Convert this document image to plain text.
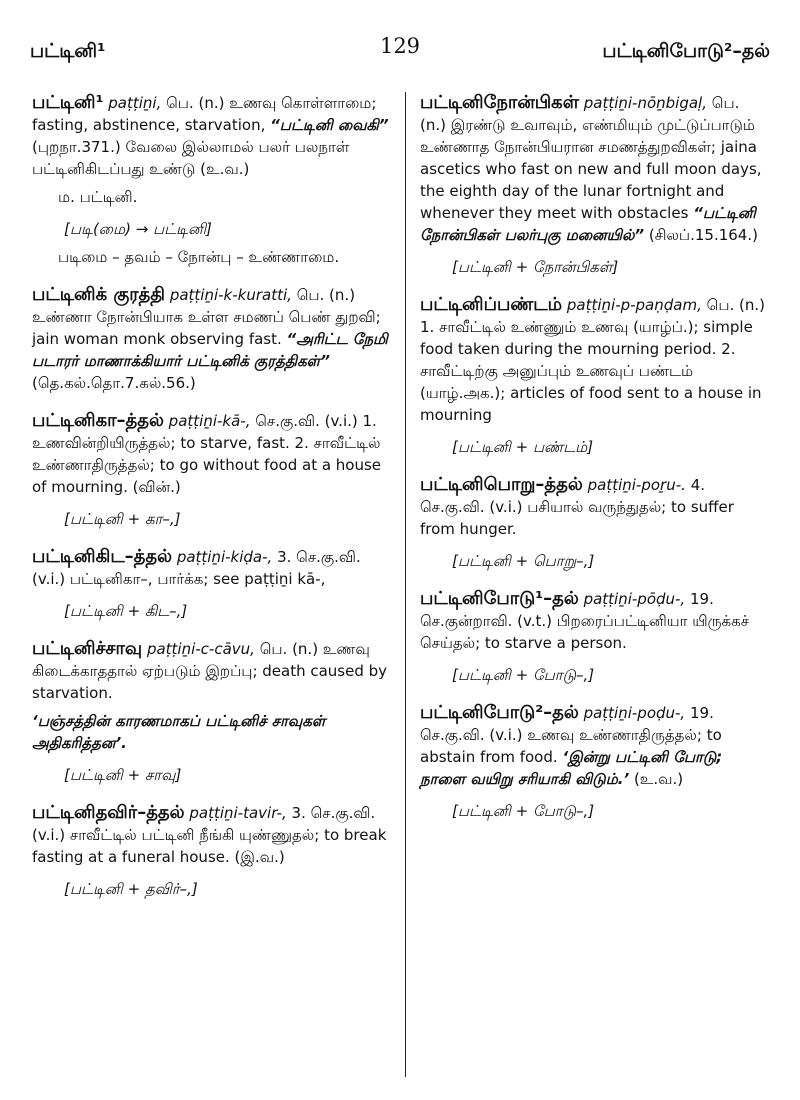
பட்டினி¹	129	பட்டினிபோடு²–தல்

பட்டினி¹ paṭṭiṉi, பெ. (n.) உணவு கொள்ளாமை; fasting, abstinence, starvation, “பட்டினி வைகி” (புறநா.371.) வேலை இல்லாமல் பலர் பலநாள் பட்டினிகிடப்பது உண்டு (உ.வ.)

ம. பட்டினி.
[படி(மை) → பட்டினி]
படிமை – தவம் – நோன்பு – உண்ணாமை.

பட்டினிக் குரத்தி paṭṭiṉi-k-kuratti, பெ. (n.) உண்ணா நோன்பியாக உள்ள சமணப் பெண் துறவி; jain woman monk observing fast. “அரிட்ட நேமி படாரர் மாணாக்கியார் பட்டினிக் குரத்திகள்” (தெ.கல்.தொ.7.கல்.56.)

பட்டினிகா–த்தல் paṭṭiṉi-kā-, செ.கு.வி. (v.i.) 1. உணவின்றியிருத்தல்; to starve, fast. 2. சாவீட்டில் உண்ணாதிருத்தல்; to go without food at a house of mourning. (வின்.)

[பட்டினி + கா–,]

பட்டினிகிட–த்தல் paṭṭiṉi-kiḍa-, 3. செ.கு.வி. (v.i.) பட்டினிகா–, பார்க்க; see paṭṭiṉi kā-,

[பட்டினி + கிட–,]

பட்டினிச்சாவு paṭṭiṉi-c-cāvu, பெ. (n.) உணவு கிடைக்காததால் ஏற்படும் இறப்பு; death caused by starvation.

‘பஞ்சத்தின் காரணமாகப் பட்டினிச் சாவுகள் அதிகரித்தன’.
[பட்டினி + சாவு]

பட்டினிதவிர்–த்தல் paṭṭiṉi-tavir-, 3. செ.கு.வி. (v.i.) சாவீட்டில் பட்டினி நீங்கி யுண்ணுதல்; to break fasting at a funeral house. (இ.வ.)

[பட்டினி + தவிர்–,]

பட்டினிநோன்பிகள் paṭṭiṉi-nōṉbigaḷ, பெ. (n.) இரண்டு உவாவும், எண்மியும் முட்டுப்பாடும் உண்ணாத நோன்பியரான சமணத்துறவிகள்; jaina ascetics who fast on new and full moon days, the eighth day of the lunar fortnight and whenever they meet with obstacles “பட்டினி நோன்பிகள் பலர்புகு மனையில்” (சிலப்.15.164.)

[பட்டினி + நோன்பிகள்]

பட்டினிப்பண்டம் paṭṭiṉi-p-paṇḍam, பெ. (n.) 1. சாவீட்டில் உண்ணும் உணவு (யாழ்ப்.); simple food taken during the mourning period. 2. சாவீட்டிற்கு அனுப்பும் உணவுப் பண்டம் (யாழ்.அக.); articles of food sent to a house in mourning

[பட்டினி + பண்டம்]

பட்டினிபொறு–த்தல் paṭṭiṉi-poṟu-. 4. செ.கு.வி. (v.i.) பசியால் வருந்துதல்; to suffer from hunger.

[பட்டினி + பொறு–,]

பட்டினிபோடு¹–தல் paṭṭiṉi-pōḍu-, 19. செ.குன்றாவி. (v.t.) பிறரைப்பட்டினியா யிருக்கச் செய்தல்; to starve a person.

[பட்டினி + போடு–,]

பட்டினிபோடு²–தல் paṭṭiṉi-poḍu-, 19. செ.கு.வி. (v.i.) உணவு உண்ணாதிருத்தல்; to abstain from food. ‘இன்று பட்டினி போடு; நாளை வயிறு சரியாகி விடும்.’ (உ.வ.)

[பட்டினி + போடு–,]
